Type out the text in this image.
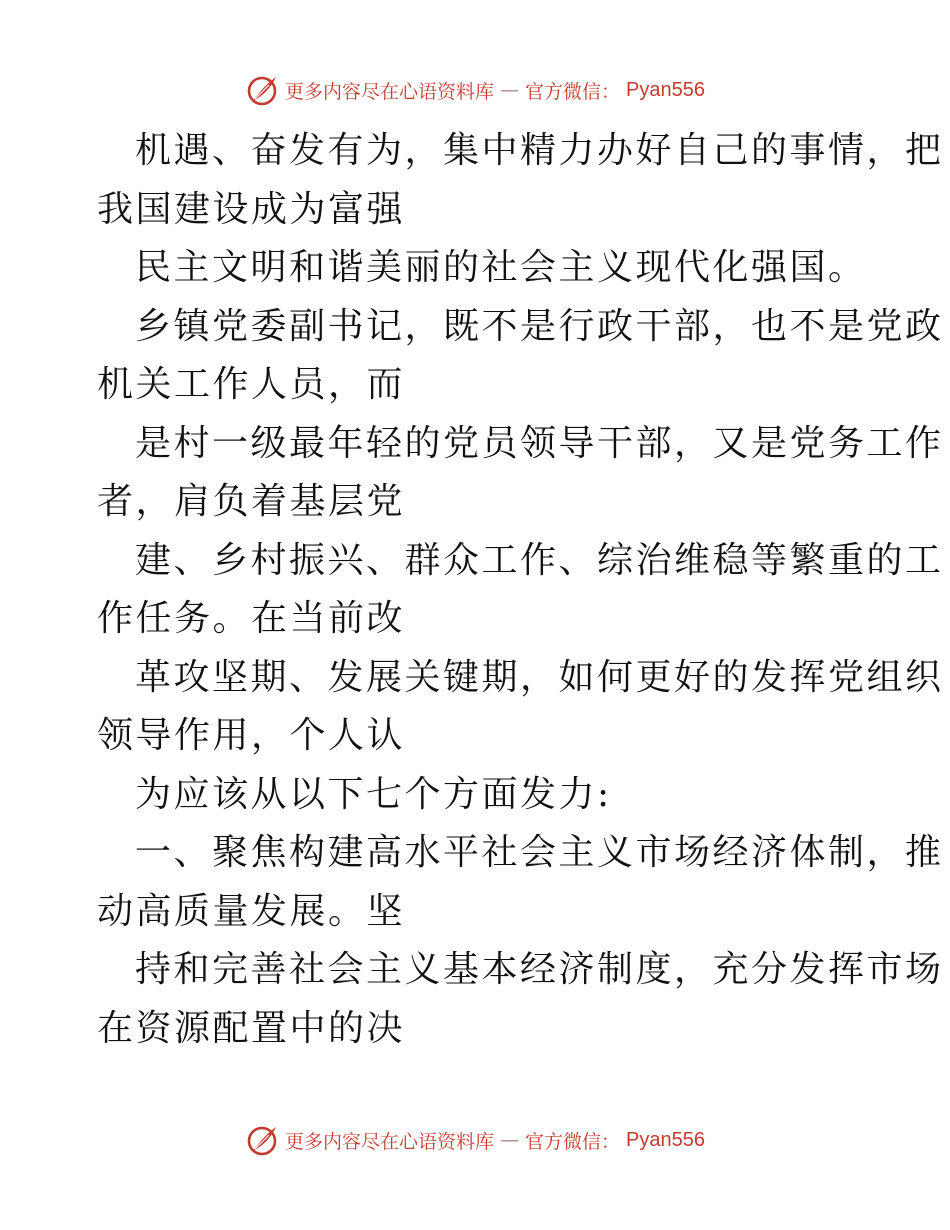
更多内容尽在心语资料库 — 官方微信： Pyan556
机遇、奋发有为，集中精力办好自己的事情，把
我国建设成为富强
民主文明和谐美丽的社会主义现代化强国。
乡镇党委副书记，既不是行政干部，也不是党政
机关工作人员，而
是村一级最年轻的党员领导干部，又是党务工作
者，肩负着基层党
建、乡村振兴、群众工作、综治维稳等繁重的工
作任务。在当前改
革攻坚期、发展关键期，如何更好的发挥党组织
领导作用，个人认
为应该从以下七个方面发力:
一、聚焦构建高水平社会主义市场经济体制，推
动高质量发展。坚
持和完善社会主义基本经济制度，充分发挥市场
在资源配置中的决
更多内容尽在心语资料库 — 官方微信： Pyan556
